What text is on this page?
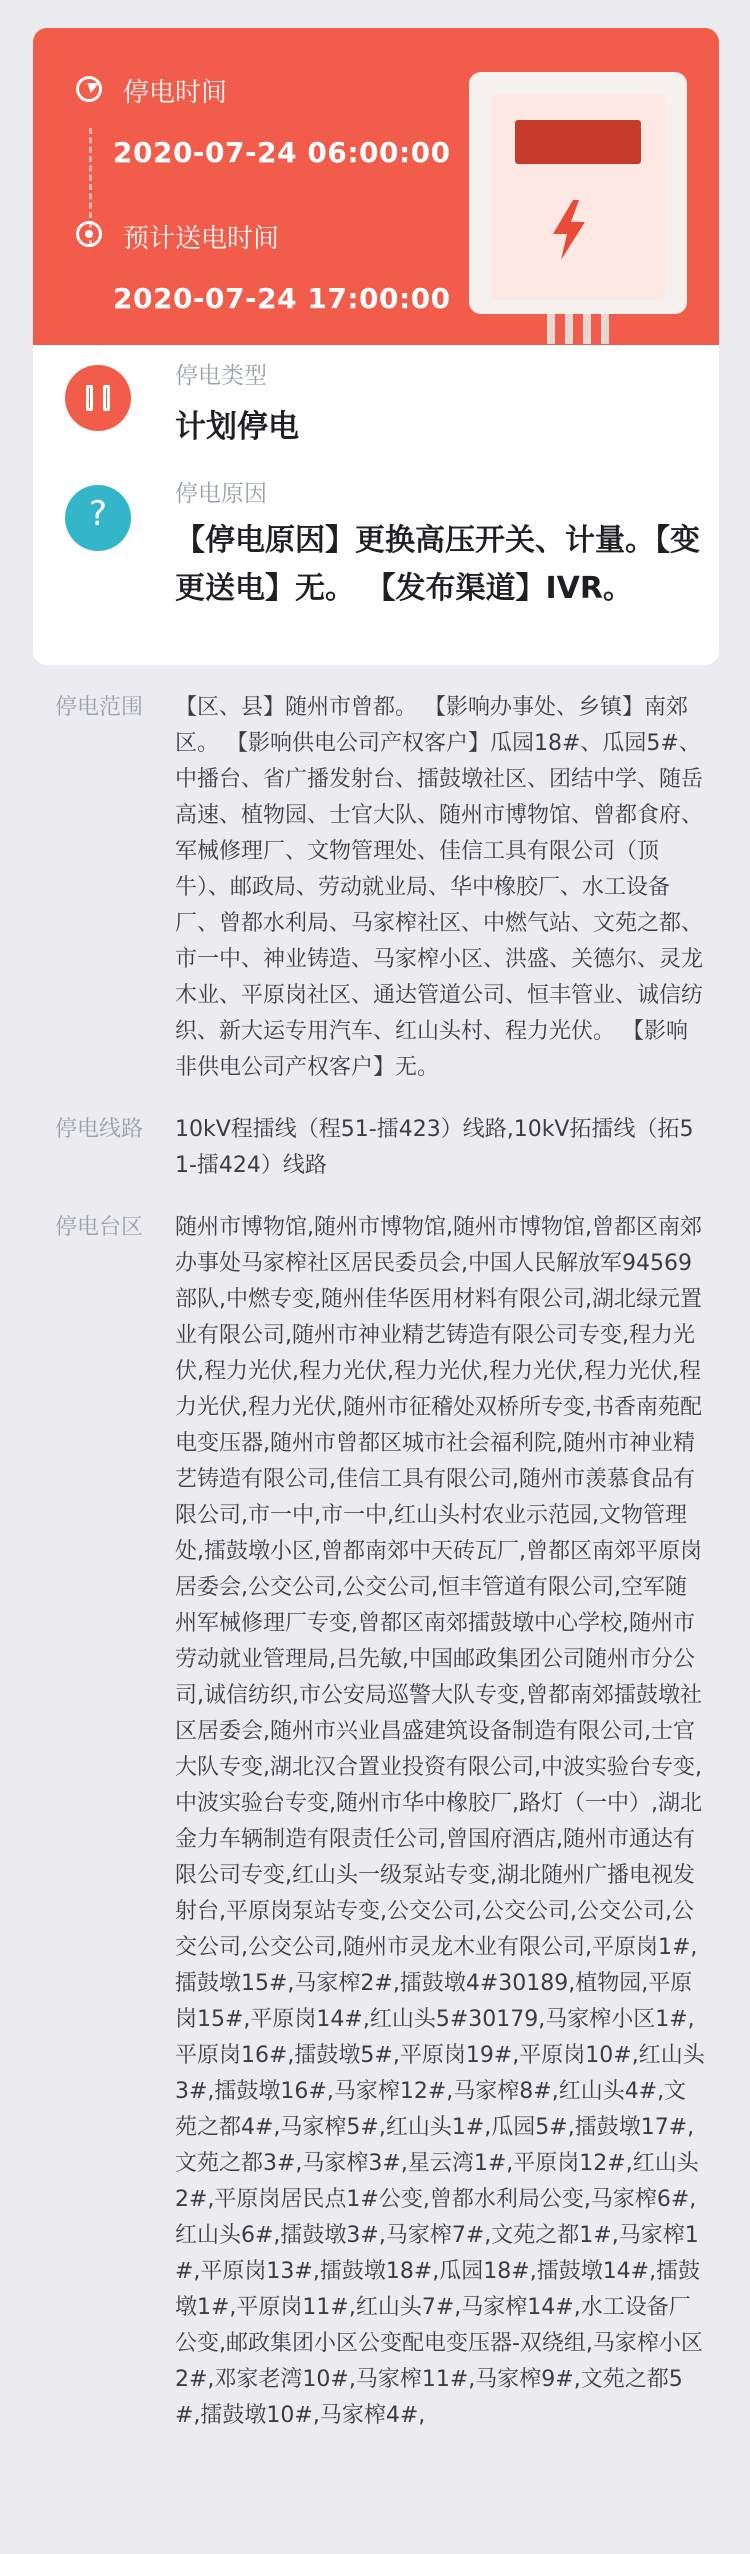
停电时间
2020-07-24 06:00:00
预计送电时间
2020-07-24 17:00:00
停电类型
计划停电
?	停电原因
【停电原因】更换高压开关、计量。【变更送电】无。 【发布渠道】IVR。
停电范围	【区、县】随州市曾都。 【影响办事处、乡镇】南郊区。 【影响供电公司产权客户】瓜园18#、瓜园5#、中播台、省广播发射台、擂鼓墩社区、团结中学、随岳高速、植物园、士官大队、随州市博物馆、曾都食府、军械修理厂、文物管理处、佳信工具有限公司（顶牛）、邮政局、劳动就业局、华中橡胶厂、水工设备厂、曾都水利局、马家榨社区、中燃气站、文苑之都、市一中、神业铸造、马家榨小区、洪盛、关德尔、灵龙木业、平原岗社区、通达管道公司、恒丰管业、诚信纺织、新大运专用汽车、红山头村、程力光伏。 【影响非供电公司产权客户】无。
停电线路	10kV程擂线（程51-擂423）线路,10kV拓擂线（拓51-擂424）线路
停电台区	随州市博物馆,随州市博物馆,随州市博物馆,曾都区南郊办事处马家榨社区居民委员会,中国人民解放军94569部队,中燃专变,随州佳华医用材料有限公司,湖北绿元置业有限公司,随州市神业精艺铸造有限公司专变,程力光伏,程力光伏,程力光伏,程力光伏,程力光伏,程力光伏,程力光伏,程力光伏,随州市征稽处双桥所专变,书香南苑配电变压器,随州市曾都区城市社会福利院,随州市神业精艺铸造有限公司,佳信工具有限公司,随州市羡慕食品有限公司,市一中,市一中,红山头村农业示范园,文物管理处,擂鼓墩小区,曾都南郊中天砖瓦厂,曾都区南郊平原岗居委会,公交公司,公交公司,恒丰管道有限公司,空军随州军械修理厂专变,曾都区南郊擂鼓墩中心学校,随州市劳动就业管理局,吕先敏,中国邮政集团公司随州市分公司,诚信纺织,市公安局巡警大队专变,曾都南郊擂鼓墩社区居委会,随州市兴业昌盛建筑设备制造有限公司,士官大队专变,湖北汉合置业投资有限公司,中波实验台专变,中波实验台专变,随州市华中橡胶厂,路灯（一中）,湖北金力车辆制造有限责任公司,曾国府酒店,随州市通达有限公司专变,红山头一级泵站专变,湖北随州广播电视发射台,平原岗泵站专变,公交公司,公交公司,公交公司,公交公司,公交公司,随州市灵龙木业有限公司,平原岗1#,擂鼓墩15#,马家榨2#,擂鼓墩4#30189,植物园,平原岗15#,平原岗14#,红山头5#30179,马家榨小区1#,平原岗16#,擂鼓墩5#,平原岗19#,平原岗10#,红山头3#,擂鼓墩16#,马家榨12#,马家榨8#,红山头4#,文苑之都4#,马家榨5#,红山头1#,瓜园5#,擂鼓墩17#,文苑之都3#,马家榨3#,星云湾1#,平原岗12#,红山头2#,平原岗居民点1#公变,曾都水利局公变,马家榨6#,红山头6#,擂鼓墩3#,马家榨7#,文苑之都1#,马家榨1#,平原岗13#,擂鼓墩18#,瓜园18#,擂鼓墩14#,擂鼓墩1#,平原岗11#,红山头7#,马家榨14#,水工设备厂公变,邮政集团小区公变配电变压器-双绕组,马家榨小区2#,邓家老湾10#,马家榨11#,马家榨9#,文苑之都5#,擂鼓墩10#,马家榨4#,
